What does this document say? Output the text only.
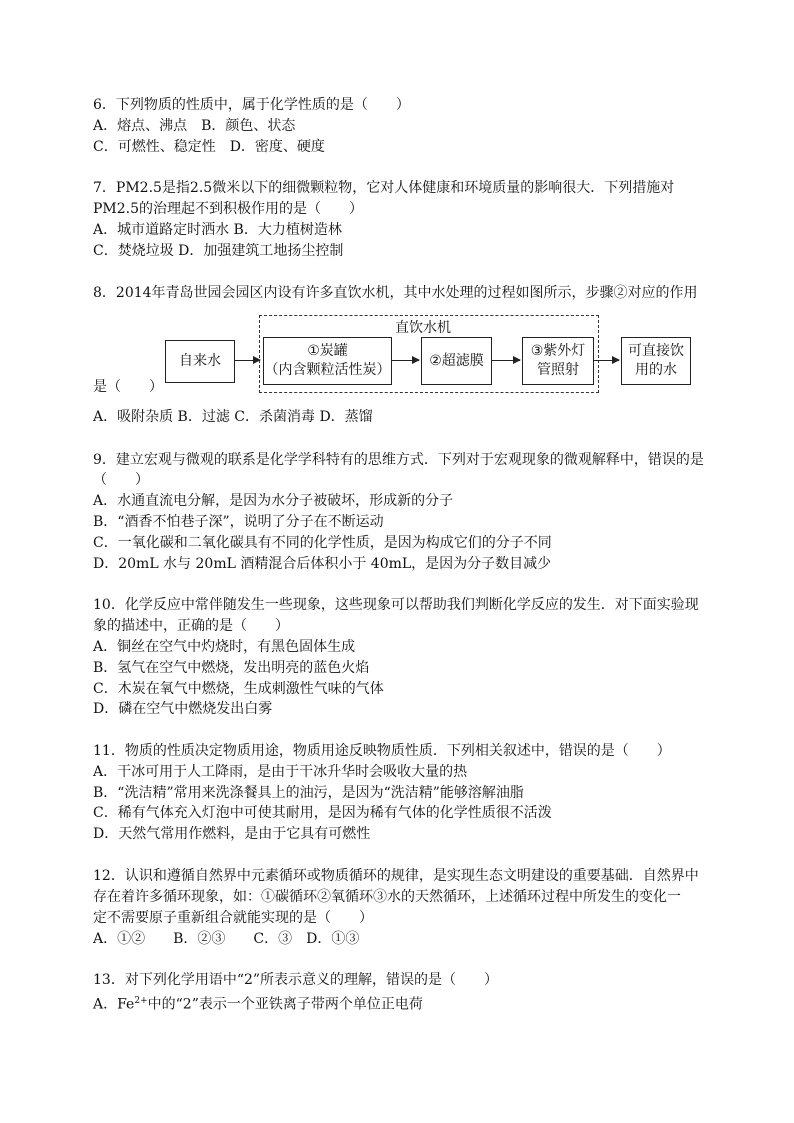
6．下列物质的性质中，属于化学性质的是（　　）
A．熔点、沸点　B．颜色、状态
C．可燃性、稳定性　D．密度、硬度
7．PM2.5是指2.5微米以下的细微颗粒物，它对人体健康和环境质量的影响很大．下列措施对
PM2.5的治理起不到积极作用的是（　　）
A．城市道路定时洒水 B．大力植树造林
C．焚烧垃圾 D．加强建筑工地扬尘控制
8．2014年青岛世园会园区内设有许多直饮水机，其中水处理的过程如图所示，步骤②对应的作用
直饮水机
自来水
①炭罐
（内含颗粒活性炭）
②超滤膜
③紫外灯
管照射
可直接饮
用的水
是（　　）
A．吸附杂质 B．过滤 C．杀菌消毒 D．蒸馏
9．建立宏观与微观的联系是化学学科特有的思维方式．下列对于宏观现象的微观解释中，错误的是
（　　）
A．水通直流电分解，是因为水分子被破坏，形成新的分子
B．“酒香不怕巷子深”，说明了分子在不断运动
C．一氧化碳和二氧化碳具有不同的化学性质，是因为构成它们的分子不同
D．20mL 水与 20mL 酒精混合后体积小于 40mL，是因为分子数目减少
10．化学反应中常伴随发生一些现象，这些现象可以帮助我们判断化学反应的发生．对下面实验现
象的描述中，正确的是（　　）
A．铜丝在空气中灼烧时，有黑色固体生成
B．氢气在空气中燃烧，发出明亮的蓝色火焰
C．木炭在氧气中燃烧，生成刺激性气味的气体
D．磷在空气中燃烧发出白雾
11．物质的性质决定物质用途，物质用途反映物质性质．下列相关叙述中，错误的是（　　）
A．干冰可用于人工降雨，是由于干冰升华时会吸收大量的热
B．“洗洁精”常用来洗涤餐具上的油污，是因为“洗洁精”能够溶解油脂
C．稀有气体充入灯泡中可使其耐用，是因为稀有气体的化学性质很不活泼
D．天然气常用作燃料，是由于它具有可燃性
12．认识和遵循自然界中元素循环或物质循环的规律，是实现生态文明建设的重要基础．自然界中
存在着许多循环现象，如：①碳循环②氧循环③水的天然循环，上述循环过程中所发生的变化一
定不需要原子重新组合就能实现的是（　　）
A．①②　　B．②③　　C．③　D．①③
13．对下列化学用语中“2”所表示意义的理解，错误的是（　　）
A．$Fe^{2+}$中的“2”表示一个亚铁离子带两个单位正电荷
